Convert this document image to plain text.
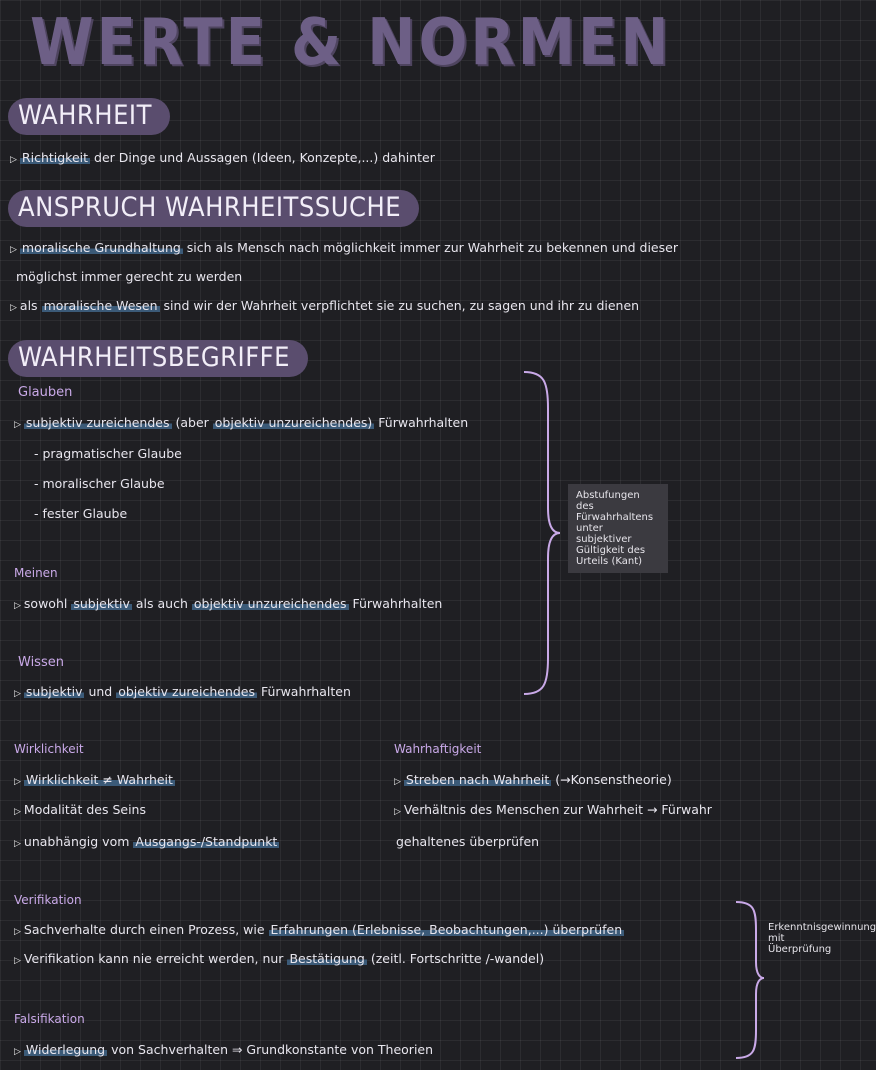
WERTE & NORMEN
WAHRHEIT
▷ Richtigkeit der Dinge und Aussagen (Ideen, Konzepte,...) dahinter
ANSPRUCH WAHRHEITSSUCHE
▷ moralische Grundhaltung sich als Mensch nach möglichkeit immer zur Wahrheit zu bekennen und dieser
möglichst immer gerecht zu werden
▷ als moralische Wesen sind wir der Wahrheit verpflichtet sie zu suchen, zu sagen und ihr zu dienen
WAHRHEITSBEGRIFFE
Glauben
▷ subjektiv zureichendes (aber objektiv unzureichendes) Fürwahrhalten
- pragmatischer Glaube
- moralischer Glaube
- fester Glaube
Meinen
▷ sowohl subjektiv als auch objektiv unzureichendes Fürwahrhalten
Wissen
▷ subjektiv und objektiv zureichendes Fürwahrhalten
Abstufungen des Fürwahrhaltens unter subjektiver Gültigkeit des Urteils (Kant)
Wirklichkeit
▷ Wirklichkeit ≠ Wahrheit
▷ Modalität des Seins
▷ unabhängig vom Ausgangs-/Standpunkt
Wahrhaftigkeit
▷ Streben nach Wahrheit (→Konsenstheorie)
▷ Verhältnis des Menschen zur Wahrheit → Fürwahr
gehaltenes überprüfen
Verifikation
▷ Sachverhalte durch einen Prozess, wie Erfahrungen (Erlebnisse, Beobachtungen,...) überprüfen
▷ Verifikation kann nie erreicht werden, nur Bestätigung (zeitl. Fortschritte /-wandel)
Falsifikation
▷ Widerlegung von Sachverhalten ⇒ Grundkonstante von Theorien
Erkenntnisgewinnung mit Überprüfung
